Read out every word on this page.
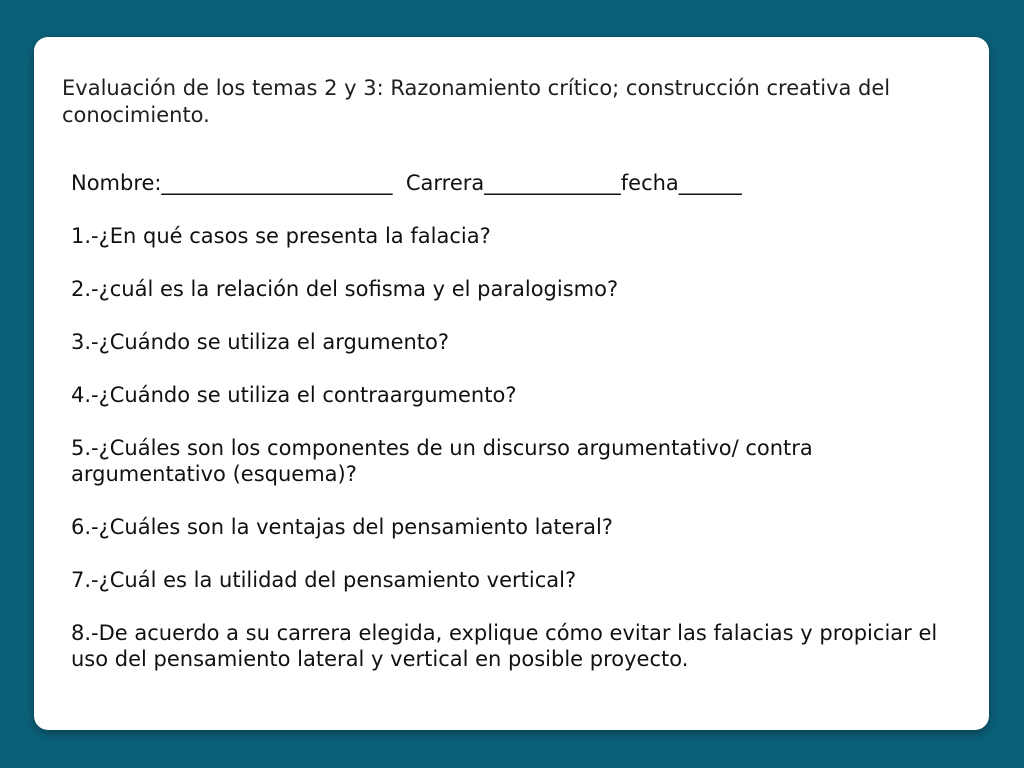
Evaluación de los temas 2 y 3: Razonamiento crítico; construcción creativa del conocimiento.

Nombre:______________________  Carrera_____________fecha______

1.-¿En qué casos se presenta la falacia?
2.-¿cuál es la relación del sofisma y el paralogismo?
3.-¿Cuándo se utiliza el argumento?
4.-¿Cuándo se utiliza el contraargumento?
5.-¿Cuáles son los componentes de un discurso argumentativo/ contra argumentativo (esquema)?
6.-¿Cuáles son la ventajas del pensamiento lateral?
7.-¿Cuál es la utilidad del pensamiento vertical?
8.-De acuerdo a su carrera elegida, explique cómo evitar las falacias y propiciar el uso del pensamiento lateral y vertical en posible proyecto.
